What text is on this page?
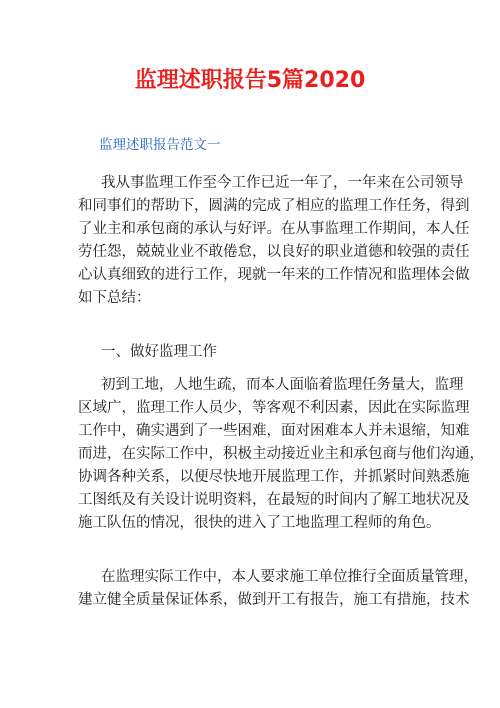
监理述职报告5篇2020
监理述职报告范文一
我从事监理工作至今工作已近一年了，一年来在公司领导
和同事们的帮助下，圆满的完成了相应的监理工作任务，得到
了业主和承包商的承认与好评。在从事监理工作期间，本人任
劳任怨，兢兢业业不敢倦怠，以良好的职业道德和较强的责任
心认真细致的进行工作，现就一年来的工作情况和监理体会做
如下总结：
一、做好监理工作
初到工地，人地生疏，而本人面临着监理任务量大，监理
区域广，监理工作人员少，等客观不利因素，因此在实际监理
工作中，确实遇到了一些困难，面对困难本人并未退缩，知难
而进，在实际工作中，积极主动接近业主和承包商与他们沟通，
协调各种关系，以便尽快地开展监理工作，并抓紧时间熟悉施
工图纸及有关设计说明资料，在最短的时间内了解工地状况及
施工队伍的情况，很快的进入了工地监理工程师的角色。
在监理实际工作中，本人要求施工单位推行全面质量管理，
建立健全质量保证体系，做到开工有报告，施工有措施，技术
